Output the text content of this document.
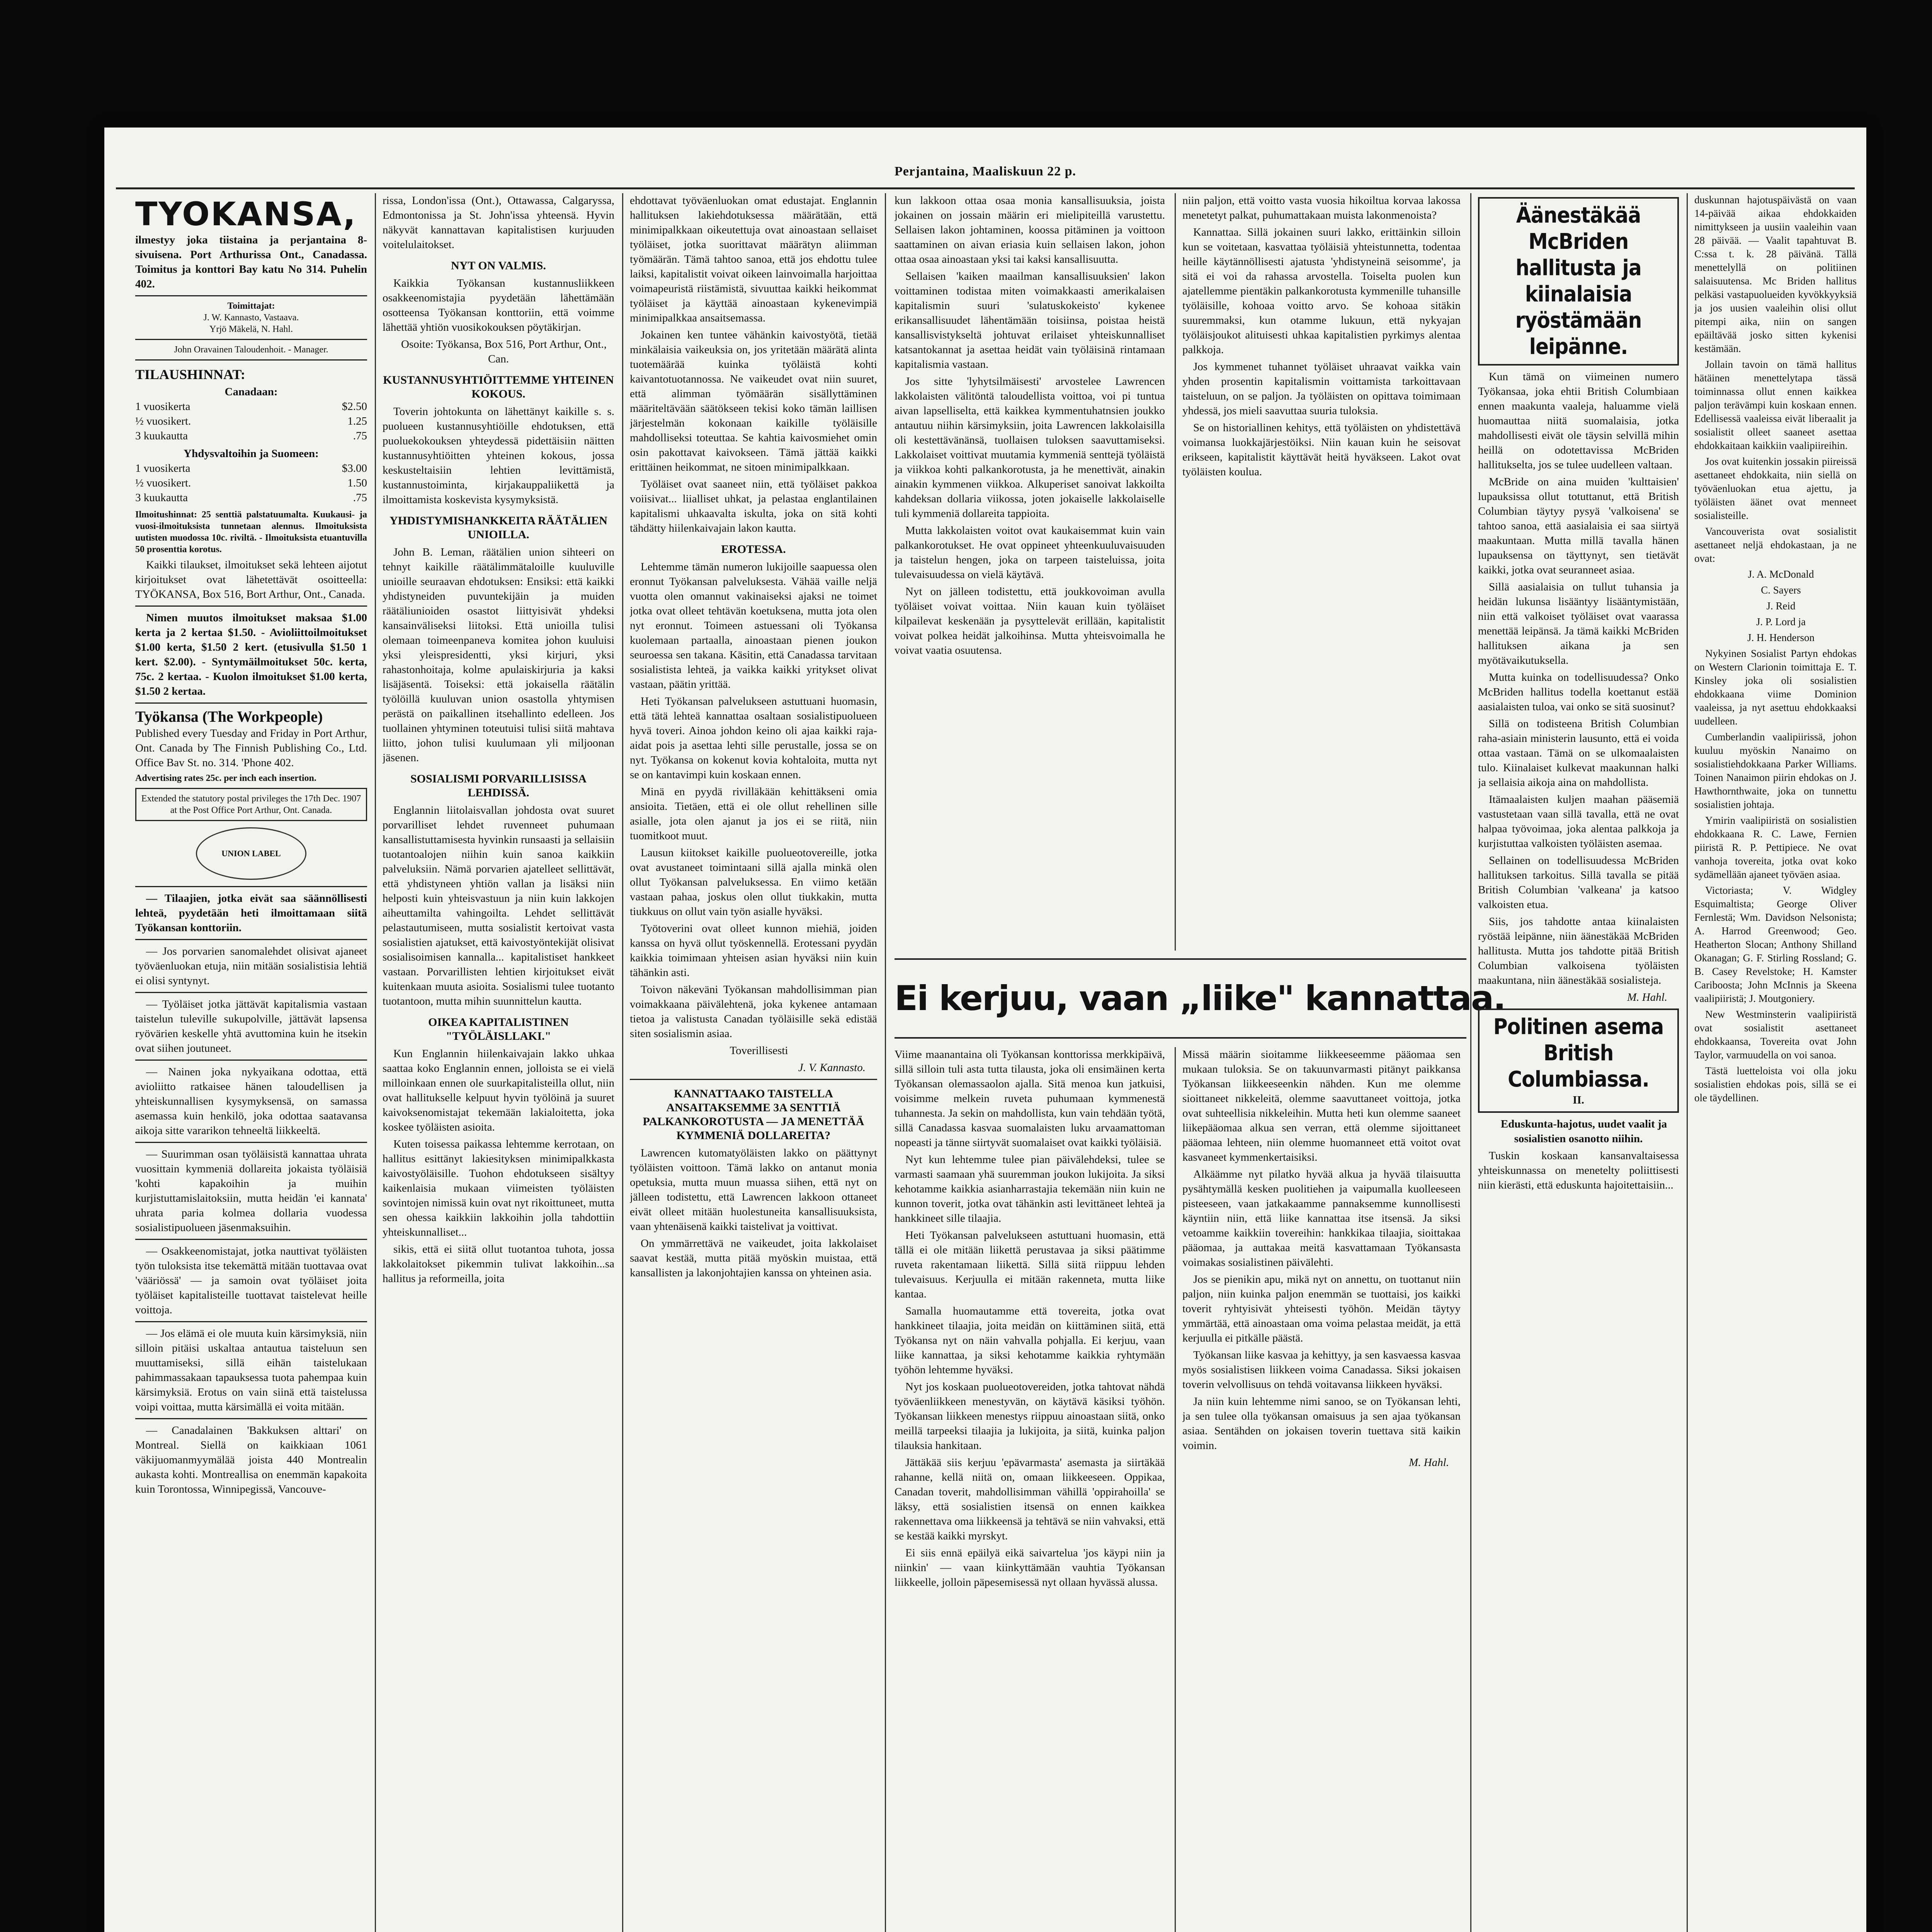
Perjantaina, Maaliskuun 22 p.
TYOKANSA,

ilmestyy joka tiistaina ja perjantaina 8-sivuisena. Port Arthurissa Ont., Canadassa. Toimitus ja konttori Bay katu No 314. Puhelin 402.

Toimittajat:
J. W. Kannasto, Vastaava.
Yrjö Mäkelä, N. Hahl.
John Oravainen Taloudenhoit. - Manager.
TILAUSHINNAT:
Canadaan:
1 vuosikerta	$2.50
½ vuosikert.	1.25
3 kuukautta	.75
Yhdysvaltoihin ja Suomeen:
1 vuosikerta	$3.00
½ vuosikert.	1.50
3 kuukautta	.75

Ilmoitushinnat: 25 senttiä palstatuumalta. Kuukausi- ja vuosi-ilmoituksista tunnetaan alennus. Ilmoituksista uutisten muodossa 10c. riviltä. - Ilmoituksista etuantuvilla 50 prosenttia korotus.

Kaikki tilaukset, ilmoitukset sekä lehteen aijotut kirjoitukset ovat lähetettävät osoitteella: TYÖKANSA, Box 516, Bort Arthur, Ont., Canada.

Nimen muutos ilmoitukset maksaa $1.00 kerta ja 2 kertaa $1.50. - Avioliittoilmoitukset $1.00 kerta, $1.50 2 kert. (etusivulla $1.50 1 kert. $2.00). - Syntymäilmoitukset 50c. kerta, 75c. 2 kertaa. - Kuolon ilmoitukset $1.00 kerta, $1.50 2 kertaa.

Työkansa (The Workpeople)

Published every Tuesday and Friday in Port Arthur, Ont. Canada by The Finnish Publishing Co., Ltd. Office Bav St. no. 314. 'Phone 402.

Advertising rates 25c. per inch each insertion.

Extended the statutory postal privileges the 17th Dec. 1907 at the Post Office Port Arthur, Ont. Canada.
UNION LABEL

— Tilaajien, jotka eivät saa säännöllisesti lehteä, pyydetään heti ilmoittamaan siitä Työkansan konttoriin.

— Jos porvarien sanomalehdet olisivat ajaneet työväenluokan etuja, niin mitään sosialistisia lehtiä ei olisi syntynyt.

— Työläiset jotka jättävät kapitalismia vastaan taistelun tuleville sukupolville, jättävät lapsensa ryövärien keskelle yhtä avuttomina kuin he itsekin ovat siihen joutuneet.

— Nainen joka nykyaikana odottaa, että avioliitto ratkaisee hänen taloudellisen ja yhteiskunnallisen kysymyksensä, on samassa asemassa kuin henkilö, joka odottaa saatavansa aikoja sitte vararikon tehneeltä liikkeeltä.

— Suurimman osan työläisistä kannattaa uhrata vuosittain kymmeniä dollareita jokaista työläisiä 'kohti kapakoihin ja muihin kurjistuttamislaitoksiin, mutta heidän 'ei kannata' uhrata paria kolmea dollaria vuodessa sosialistipuolueen jäsenmaksuihin.

— Osakkeenomistajat, jotka nauttivat työläisten työn tuloksista itse tekemättä mitään tuottavaa ovat 'vääriössä' — ja samoin ovat työläiset joita työläiset kapitalisteille tuottavat taistelevat heille voittoja.

— Jos elämä ei ole muuta kuin kärsimyksiä, niin silloin pitäisi uskaltaa antautua taisteluun sen muuttamiseksi, sillä eihän taistelukaan pahimmassakaan tapauksessa tuota pahempaa kuin kärsimyksiä. Erotus on vain siinä että taistelussa voipi voittaa, mutta kärsimällä ei voita mitään.

— Canadalainen 'Bakkuksen alttari' on Montreal. Siellä on kaikkiaan 1061 väkijuomanmyymälää joista 440 Montrealin aukasta kohti. Montreallisa on enemmän kapakoita kuin Torontossa, Winnipegissä, Vancouve-

rissa, London'issa (Ont.), Ottawassa, Calgaryssa, Edmontonissa ja St. John'issa yhteensä. Hyvin näkyvät kannattavan kapitalistisen kurjuuden voitelulaitokset.

NYT ON VALMIS.

Kaikkia Työkansan kustannusliikkeen osakkeenomistajia pyydetään lähettämään osotteensa Työkansan konttoriin, että voimme lähettää yhtiön vuosikokouksen pöytäkirjan.

Osoite: Työkansa, Box 516, Port Arthur, Ont., Can.

KUSTANNUSYHTIÖITTEMME YHTEINEN KOKOUS.

Toverin johtokunta on lähettänyt kaikille s. s. puolueen kustannusyhtiöille ehdotuksen, että puoluekokouksen yhteydessä pidettäisiin näitten kustannusyhtiöitten yhteinen kokous, jossa keskusteltaisiin lehtien levittämistä, kustannustoiminta, kirjakauppaliikettä ja ilmoittamista koskevista kysymyksistä.

YHDISTYMISHANKKEITA RÄÄTÄLIEN UNIOILLA.

John B. Leman, räätälien union sihteeri on tehnyt kaikille räätälimmätaloille kuuluville unioille seuraavan ehdotuksen: Ensiksi: että kaikki yhdistyneiden puvuntekijäin ja muiden räätäliunioiden osastot liittyisivät yhdeksi kansainväliseksi liitoksi. Että unioilla tulisi olemaan toimeenpaneva komitea johon kuuluisi yksi yleispresidentti, yksi kirjuri, yksi rahastonhoitaja, kolme apulaiskirjuria ja kaksi lisäjäsentä. Toiseksi: että jokaisella räätälin työlöillä kuuluvan union osastolla yhtymisen perästä on paikallinen itsehallinto edelleen. Jos tuollainen yhtyminen toteutuisi tulisi siitä mahtava liitto, johon tulisi kuulumaan yli miljoonan jäsenen.

SOSIALISMI PORVARILLISISSA LEHDISSÄ.

Englannin liitolaisvallan johdosta ovat suuret porvarilliset lehdet ruvenneet puhumaan kansallistuttamisesta hyvinkin runsaasti ja sellaisiin tuotantoalojen niihin kuin sanoa kaikkiin palveluksiin. Nämä porvarien ajatelleet sellittävät, että yhdistyneen yhtiön vallan ja lisäksi niin helposti kuin yhteisvastuun ja niin kuin lakkojen aiheuttamilta vahingoilta. Lehdet sellittävät pelastautumiseen, mutta sosialistit kertoivat vasta sosialistien ajatukset, että kaivostyöntekijät olisivat sosialisoimisen kannalla... kapitalistiset hankkeet vastaan. Porvarillisten lehtien kirjoitukset eivät kuitenkaan muuta asioita. Sosialismi tulee tuotanto tuotantoon, mutta mihin suunnittelun kautta.

OIKEA KAPITALISTINEN "TYÖLÄISLLAKI."

Kun Englannin hiilenkaivajain lakko uhkaa saattaa koko Englannin ennen, jolloista se ei vielä milloinkaan ennen ole suurkapitalisteilla ollut, niin ovat hallitukselle kelpuut hyvin työlöinä ja suuret kaivoksenomistajat tekemään lakialoitetta, joka koskee työläisten asioita.

Kuten toisessa paikassa lehtemme kerrotaan, on hallitus esittänyt lakiesityksen minimipalkkasta kaivostyöläisille. Tuohon ehdotukseen sisältyy kaikenlaisia mukaan viimeisten työläisten sovintojen nimissä kuin ovat nyt rikoittuneet, mutta sen ohessa kaikkiin lakkoihin jolla tahdottiin yhteiskunnalliset...

sikis, että ei siitä ollut tuotantoa tuhota, jossa lakkolaitokset pikemmin tulivat lakkoihin...sa hallitus ja reformeilla, joita

ehdottavat työväenluokan omat edustajat. Englannin hallituksen lakiehdotuksessa määrätään, että minimipalkkaan oikeutettuja ovat ainoastaan sellaiset työläiset, jotka suorittavat määrätyn aliimman työmäärän. Tämä tahtoo sanoa, että jos ehdottu tulee laiksi, kapitalistit voivat oikeen lainvoimalla harjoittaa voimapeuristä riistämistä, sivuuttaa kaikki heikommat työläiset ja käyttää ainoastaan kykenevimpiä minimipalkkaa ansaitsemassa.

Jokainen ken tuntee vähänkin kaivostyötä, tietää minkälaisia vaikeuksia on, jos yritetään määrätä alinta tuotemäärää kuinka työläistä kohti kaivantotuotannossa. Ne vaikeudet ovat niin suuret, että alimman työmäärän sisällyttäminen määriteltävään säätökseen tekisi koko tämän laillisen järjestelmän kokonaan kaikille työläisille mahdolliseksi toteuttaa. Se kahtia kaivosmiehet omin osin pakottavat kaivokseen. Tämä jättää kaikki erittäinen heikommat, ne sitoen minimipalkkaan.

Työläiset ovat saaneet niin, että työläiset pakkoa voiisivat... liialliset uhkat, ja pelastaa englantilainen kapitalismi uhkaavalta iskulta, joka on sitä kohti tähdätty hiilenkaivajain lakon kautta.

EROTESSA.

Lehtemme tämän numeron lukijoille saapuessa olen eronnut Työkansan palveluksesta. Vähää vaille neljä vuotta olen omannut vakinaiseksi ajaksi ne toimet jotka ovat olleet tehtävän koetuksena, mutta jota olen nyt eronnut. Toimeen astuessani oli Työkansa kuolemaan partaalla, ainoastaan pienen joukon seuroessa sen takana. Käsitin, että Canadassa tarvitaan sosialistista lehteä, ja vaikka kaikki yritykset olivat vastaan, päätin yrittää.

Heti Työkansan palvelukseen astuttuani huomasin, että tätä lehteä kannattaa osaltaan sosialistipuolueen hyvä toveri. Ainoa johdon keino oli ajaa kaikki raja-aidat pois ja asettaa lehti sille perustalle, jossa se on nyt. Työkansa on kokenut kovia kohtaloita, mutta nyt se on kantavimpi kuin koskaan ennen.

Minä en pyydä rivilläkään kehittäkseni omia ansioita. Tietäen, että ei ole ollut rehellinen sille asialle, jota olen ajanut ja jos ei se riitä, niin tuomitkoot muut.

Lausun kiitokset kaikille puolueotovereille, jotka ovat avustaneet toimintaani sillä ajalla minkä olen ollut Työkansan palveluksessa. En viimo ketään vastaan pahaa, joskus olen ollut tiukkakin, mutta tiukkuus on ollut vain työn asialle hyväksi.

Työtoverini ovat olleet kunnon miehiä, joiden kanssa on hyvä ollut työskennellä. Erotessani pyydän kaikkia toimimaan yhteisen asian hyväksi niin kuin tähänkin asti.

Toivon näkeväni Työkansan mahdollisimman pian voimakkaana päivälehtenä, joka kykenee antamaan tietoa ja valistusta Canadan työläisille sekä edistää siten sosialismin asiaa.

Toverillisesti

J. V. Kannasto.

KANNATTAAKO TAISTELLA ANSAITAKSEMME 3A SENTTIÄ PALKANKOROTUSTA — JA MENETTÄÄ KYMMENIÄ DOLLAREITA?

Lawrencen kutomatyöläisten lakko on päättynyt työläisten voittoon. Tämä lakko on antanut monia opetuksia, mutta muun muassa siihen, että nyt on jälleen todistettu, että Lawrencen lakkoon ottaneet eivät olleet mitään huolestuneita kansallisuuksista, vaan yhtenäisenä kaikki taistelivat ja voittivat.

On ymmärrettävä ne vaikeudet, joita lakkolaiset saavat kestää, mutta pitää myöskin muistaa, että kansallisten ja lakonjohtajien kanssa on yhteinen asia.

kun lakkoon ottaa osaa monia kansallisuuksia, joista jokainen on jossain määrin eri mielipiteillä varustettu. Sellaisen lakon johtaminen, koossa pitäminen ja voittoon saattaminen on aivan eriasia kuin sellaisen lakon, johon ottaa osaa ainoastaan yksi tai kaksi kansallisuutta.

Sellaisen 'kaiken maailman kansallisuuksien' lakon voittaminen todistaa miten voimakkaasti amerikalaisen kapitalismin suuri 'sulatuskokeisto' kykenee erikansallisuudet lähentämään toisiinsa, poistaa heistä kansallisvistykseltä johtuvat erilaiset yhteiskunnalliset katsantokannat ja asettaa heidät vain työläisinä rintamaan kapitalismia vastaan.

Jos sitte 'lyhytsilmäisesti' arvostelee Lawrencen lakkolaisten välitöntä taloudellista voittoa, voi pi tuntua aivan lapselliselta, että kaikkea kymmentuhatnsien joukko antautuu niihin kärsimyksiin, joita Lawrencen lakkolaisilla oli kestettävänänsä, tuollaisen tuloksen saavuttamiseksi. Lakkolaiset voittivat muutamia kymmeniä senttejä työläistä ja viikkoa kohti palkankorotusta, ja he menettivät, ainakin ainakin kymmenen viikkoa. Alkuperiset sanoivat lakkoilta kahdeksan dollaria viikossa, joten jokaiselle lakkolaiselle tuli kymmeniä dollareita tappioita.

Mutta lakkolaisten voitot ovat kaukaisemmat kuin vain palkankorotukset. He ovat oppineet yhteenkuuluvaisuuden ja taistelun hengen, joka on tarpeen taisteluissa, joita tulevaisuudessa on vielä käytävä.

Nyt on jälleen todistettu, että joukkovoiman avulla työläiset voivat voittaa. Niin kauan kuin työläiset kilpailevat keskenään ja pysyttelevät erillään, kapitalistit voivat polkea heidät jalkoihinsa. Mutta yhteisvoimalla he voivat vaatia osuutensa.

niin paljon, että voitto vasta vuosia hikoiltua korvaa lakossa menetetyt palkat, puhumattakaan muista lakonmenoista?

Kannattaa. Sillä jokainen suuri lakko, erittäinkin silloin kun se voitetaan, kasvattaa työläisiä yhteistunnetta, todentaa heille käytännöllisesti ajatusta 'yhdistyneinä seisomme', ja sitä ei voi da rahassa arvostella. Toiselta puolen kun ajatellemme pientäkin palkankorotusta kymmenille tuhansille työläisille, kohoaa voitto arvo. Se kohoaa sitäkin suuremmaksi, kun otamme lukuun, että nykyajan työläisjoukot alituisesti uhkaa kapitalistien pyrkimys alentaa palkkoja.

Jos kymmenet tuhannet työläiset uhraavat vaikka vain yhden prosentin kapitalismin voittamista tarkoittavaan taisteluun, on se paljon. Ja työläisten on opittava toimimaan yhdessä, jos mieli saavuttaa suuria tuloksia.

Se on historiallinen kehitys, että työläisten on yhdistettävä voimansa luokkajärjestöiksi. Niin kauan kuin he seisovat erikseen, kapitalistit käyttävät heitä hyväkseen. Lakot ovat työläisten koulua.

Ei kerjuu, vaan „liike" kannattaa.

Viime maanantaina oli Työkansan konttorissa merkkipäivä, sillä silloin tuli asta tutta tilausta, joka oli ensimäinen kerta Työkansan olemassaolon ajalla. Sitä menoa kun jatkuisi, voisimme melkein ruveta puhumaan kymmenestä tuhannesta. Ja sekin on mahdollista, kun vain tehdään työtä, sillä Canadassa kasvaa suomalaisten luku arvaamattoman nopeasti ja tänne siirtyvät suomalaiset ovat kaikki työläisiä.

Nyt kun lehtemme tulee pian päivälehdeksi, tulee se varmasti saamaan yhä suuremman joukon lukijoita. Ja siksi kehotamme kaikkia asianharrastajia tekemään niin kuin ne kunnon toverit, jotka ovat tähänkin asti levittäneet lehteä ja hankkineet sille tilaajia.

Heti Työkansan palvelukseen astuttuani huomasin, että tällä ei ole mitään liikettä perustavaa ja siksi päätimme ruveta rakentamaan liikettä. Sillä siitä riippuu lehden tulevaisuus. Kerjuulla ei mitään rakenneta, mutta liike kantaa.

Samalla huomautamme että tovereita, jotka ovat hankkineet tilaajia, joita meidän on kiittäminen siitä, että Työkansa nyt on näin vahvalla pohjalla. Ei kerjuu, vaan liike kannattaa, ja siksi kehotamme kaikkia ryhtymään työhön lehtemme hyväksi.

Nyt jos koskaan puolueotovereiden, jotka tahtovat nähdä työväenliikkeen menestyvän, on käytävä käsiksi työhön. Työkansan liikkeen menestys riippuu ainoastaan siitä, onko meillä tarpeeksi tilaajia ja lukijoita, ja siitä, kuinka paljon tilauksia hankitaan.

Jättäkää siis kerjuu 'epävarmasta' asemasta ja siirtäkää rahanne, kellä niitä on, omaan liikkeeseen. Oppikaa, Canadan toverit, mahdollisimman vähillä 'oppirahoilla' se läksy, että sosialistien itsensä on ennen kaikkea rakennettava oma liikkeensä ja tehtävä se niin vahvaksi, että se kestää kaikki myrskyt.

Ei siis ennä epäilyä eikä saivartelua 'jos käypi niin ja niinkin' — vaan kiinkyttämään vauhtia Työkansan liikkeelle, jolloin päpesemisessä nyt ollaan hyvässä alussa.

Missä määrin sioitamme liikkeeseemme pääomaa sen mukaan tuloksia. Se on takuunvarmasti pitänyt paikkansa Työkansan liikkeeseenkin nähden. Kun me olemme sioittaneet nikkeleitä, olemme saavuttaneet voittoja, jotka ovat suhteellisia nikkeleihin. Mutta heti kun olemme saaneet liikepääomaa alkua sen verran, että olemme sijoittaneet pääomaa lehteen, niin olemme huomanneet että voitot ovat kasvaneet kymmenkertaisiksi.

Alkäämme nyt pilatko hyvää alkua ja hyvää tilaisuutta pysähtymällä kesken puolitiehen ja vaipumalla kuolleeseen pisteeseen, vaan jatkakaamme pannaksemme kunnollisesti käyntiin niin, että liike kannattaa itse itsensä. Ja siksi vetoamme kaikkiin tovereihin: hankkikaa tilaajia, sioittakaa pääomaa, ja auttakaa meitä kasvattamaan Työkansasta voimakas sosialistinen päivälehti.

Jos se pienikin apu, mikä nyt on annettu, on tuottanut niin paljon, niin kuinka paljon enemmän se tuottaisi, jos kaikki toverit ryhtyisivät yhteisesti työhön. Meidän täytyy ymmärtää, että ainoastaan oma voima pelastaa meidät, ja että kerjuulla ei pitkälle päästä.

Työkansan liike kasvaa ja kehittyy, ja sen kasvaessa kasvaa myös sosialistisen liikkeen voima Canadassa. Siksi jokaisen toverin velvollisuus on tehdä voitavansa liikkeen hyväksi.

Ja niin kuin lehtemme nimi sanoo, se on Työkansan lehti, ja sen tulee olla työkansan omaisuus ja sen ajaa työkansan asiaa. Sentähden on jokaisen toverin tuettava sitä kaikin voimin.

M. Hahl.

Äänestäkää McBriden hallitusta ja kiinalaisia ryöstämään leipänne.

Kun tämä on viimeinen numero Työkansaa, joka ehtii British Columbiaan ennen maakunta vaaleja, haluamme vielä huomauttaa niitä suomalaisia, jotka mahdollisesti eivät ole täysin selvillä mihin heillä on odotettavissa McBriden hallitukselta, jos se tulee uudelleen valtaan.

McBride on aina muiden 'kulttaisien' lupauksissa ollut totuttanut, että British Columbian täytyy pysyä 'valkoisena' se tahtoo sanoa, että aasialaisia ei saa siirtyä maakuntaan. Mutta millä tavalla hänen lupauksensa on täyttynyt, sen tietävät kaikki, jotka ovat seuranneet asiaa.

Sillä aasialaisia on tullut tuhansia ja heidän lukunsa lisääntyy lisääntymistään, niin että valkoiset työläiset ovat vaarassa menettää leipänsä. Ja tämä kaikki McBriden hallituksen aikana ja sen myötävaikutuksella.

Mutta kuinka on todellisuudessa? Onko McBriden hallitus todella koettanut estää aasialaisten tuloa, vai onko se sitä suosinut?

Sillä on todisteena British Columbian raha-asiain ministerin lausunto, että ei voida ottaa vastaan. Tämä on se ulkomaalaisten tulo. Kiinalaiset kulkevat maakunnan halki ja sellaisia aikoja aina on mahdollista.

Itämaalaisten kuljen maahan pääsemiä vastustetaan vaan sillä tavalla, että ne ovat halpaa työvoimaa, joka alentaa palkkoja ja kurjistuttaa valkoisten työläisten asemaa.

Sellainen on todellisuudessa McBriden hallituksen tarkoitus. Sillä tavalla se pitää British Columbian 'valkeana' ja katsoo valkoisten etua.

Siis, jos tahdotte antaa kiinalaisten ryöstää leipänne, niin äänestäkää McBriden hallitusta. Mutta jos tahdotte pitää British Columbian valkoisena työläisten maakuntana, niin äänestäkää sosialisteja.

M. Hahl.

Politinen asema British Columbiassa.
II.

Eduskunta-hajotus, uudet vaalit ja sosialistien osanotto niihin.

Tuskin koskaan kansanvaltaisessa yhteiskunnassa on menetelty poliittisesti niin kierästi, että eduskunta hajoitettaisiin...

duskunnan hajotuspäivästä on vaan 14-päivää aikaa ehdokkaiden nimittykseen ja uusiin vaaleihin vaan 28 päivää. — Vaalit tapahtuvat B. C:ssa t. k. 28 päivänä. Tällä menettelyllä on politiinen salaisuutensa. Mc Briden hallitus pelkäsi vastapuolueiden kyvökkyyksiä ja jos uusien vaaleihin olisi ollut pitempi aika, niin on sangen epäiltävää josko sitten kykenisi kestämään.

Jollain tavoin on tämä hallitus hätäinen menettelytapa tässä toiminnassa ollut ennen kaikkea paljon terävämpi kuin koskaan ennen. Edellisessä vaaleissa eivät liberaalit ja sosialistit olleet saaneet asettaa ehdokkaitaan kaikkiin vaalipiireihin.

Jos ovat kuitenkin jossakin piireissä asettaneet ehdokkaita, niin siellä on työväenluokan etua ajettu, ja työläisten äänet ovat menneet sosialisteille.

Vancouverista ovat sosialistit asettaneet neljä ehdokastaan, ja ne ovat:

J. A. McDonald

C. Sayers

J. Reid

J. P. Lord ja

J. H. Henderson

Nykyinen Sosialist Partyn ehdokas on Western Clarionin toimittaja E. T. Kinsley joka oli sosialistien ehdokkaana viime Dominion vaaleissa, ja nyt asettuu ehdokkaaksi uudelleen.

Cumberlandin vaalipiirissä, johon kuuluu myöskin Nanaimo on sosialistiehdokkaana Parker Williams. Toinen Nanaimon piirin ehdokas on J. Hawthornthwaite, joka on tunnettu sosialistien johtaja.

Ymirin vaalipiiristä on sosialistien ehdokkaana R. C. Lawe, Fernien piiristä R. P. Pettipiece. Ne ovat vanhoja tovereita, jotka ovat koko sydämellään ajaneet työväen asiaa.

Victoriasta; V. Widgley Esquimaltista; George Oliver Fernlestä; Wm. Davidson Nelsonista; A. Harrod Greenwood; Geo. Heatherton Slocan; Anthony Shilland Okanagan; G. F. Stirling Rossland; G. B. Casey Revelstoke; H. Kamster Cariboosta; John McInnis ja Skeena vaalipiiristä; J. Moutgoniery.

New Westminsterin vaalipiiristä ovat sosialistit asettaneet ehdokkaansa, Tovereita ovat John Taylor, varmuudella on voi sanoa.

Tästä luetteloista voi olla joku sosialistien ehdokas pois, sillä se ei ole täydellinen.
